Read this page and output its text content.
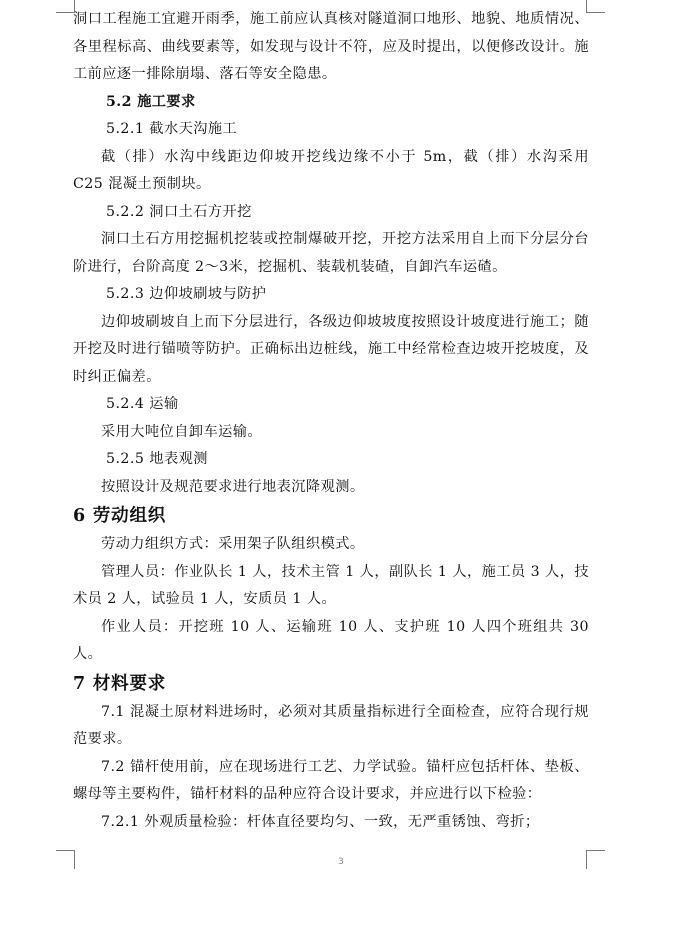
洞口工程施工宜避开雨季，施工前应认真核对隧道洞口地形、地貌、地质情况、各里程标高、曲线要素等，如发现与设计不符，应及时提出，以便修改设计。施工前应逐一排除崩塌、落石等安全隐患。

5.2 施工要求

5.2.1 截水天沟施工

截（排）水沟中线距边仰坡开挖线边缘不小于 5m，截（排）水沟采用 C25 混凝土预制块。

5.2.2 洞口土石方开挖

洞口土石方用挖掘机挖装或控制爆破开挖，开挖方法采用自上而下分层分台阶进行，台阶高度 2～3米，挖掘机、装载机装碴，自卸汽车运碴。

5.2.3 边仰坡刷坡与防护

边仰坡刷坡自上而下分层进行，各级边仰坡坡度按照设计坡度进行施工；随开挖及时进行锚喷等防护。正确标出边桩线，施工中经常检查边坡开挖坡度，及时纠正偏差。

5.2.4 运输

采用大吨位自卸车运输。

5.2.5 地表观测

按照设计及规范要求进行地表沉降观测。

6 劳动组织

劳动力组织方式：采用架子队组织模式。

管理人员：作业队长 1 人，技术主管 1 人，副队长 1 人，施工员 3 人，技术员 2 人，试验员 1 人，安质员 1 人。

作业人员：开挖班 10 人、运输班 10 人、支护班 10 人四个班组共 30 人。

7 材料要求

7.1 混凝土原材料进场时，必须对其质量指标进行全面检查，应符合现行规范要求。

7.2 锚杆使用前，应在现场进行工艺、力学试验。锚杆应包括杆体、垫板、螺母等主要构件，锚杆材料的品种应符合设计要求，并应进行以下检验：

7.2.1 外观质量检验：杆体直径要均匀、一致，无严重锈蚀、弯折；

3
